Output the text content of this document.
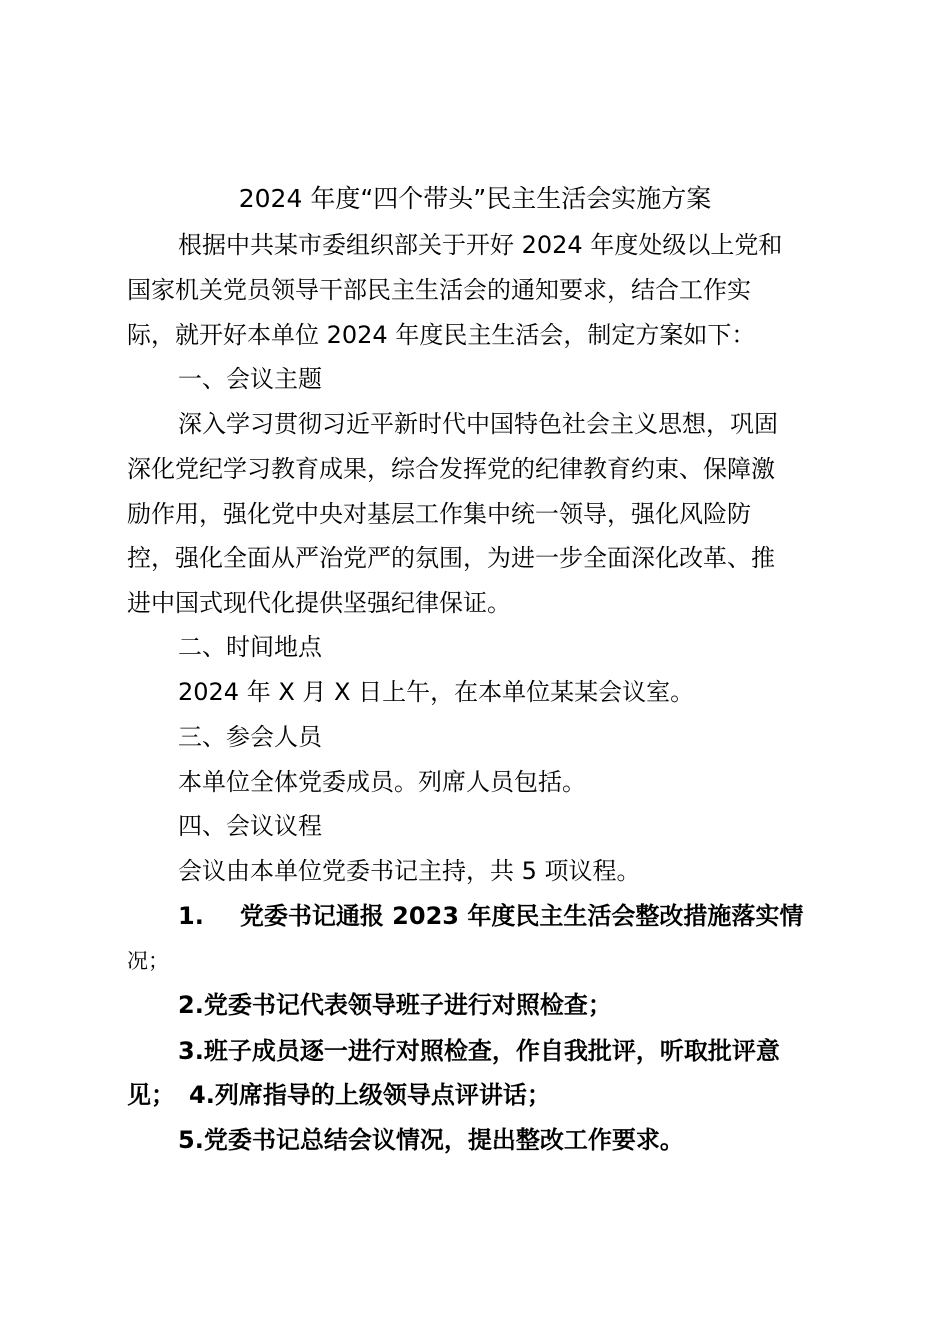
2024 年度“四个带头”民主生活会实施方案

根据中共某市委组织部关于开好 2024 年度处级以上党和

国家机关党员领导干部民主生活会的通知要求，结合工作实

际，就开好本单位 2024 年度民主生活会，制定方案如下：

一、会议主题

深入学习贯彻习近平新时代中国特色社会主义思想，巩固

深化党纪学习教育成果，综合发挥党的纪律教育约束、保障激

励作用，强化党中央对基层工作集中统一领导，强化风险防

控，强化全面从严治党严的氛围，为进一步全面深化改革、推

进中国式现代化提供坚强纪律保证。

二、时间地点

2024 年 X 月 X 日上午，在本单位某某会议室。

三、参会人员

本单位全体党委成员。列席人员包括。

四、会议议程

会议由本单位党委书记主持，共 5 项议程。

1. 党委书记通报 2023 年度民主生活会整改措施落实情

况；

2.党委书记代表领导班子进行对照检查；

3.班子成员逐一进行对照检查，作自我批评，听取批评意

见； 4.列席指导的上级领导点评讲话；

5.党委书记总结会议情况，提出整改工作要求。
